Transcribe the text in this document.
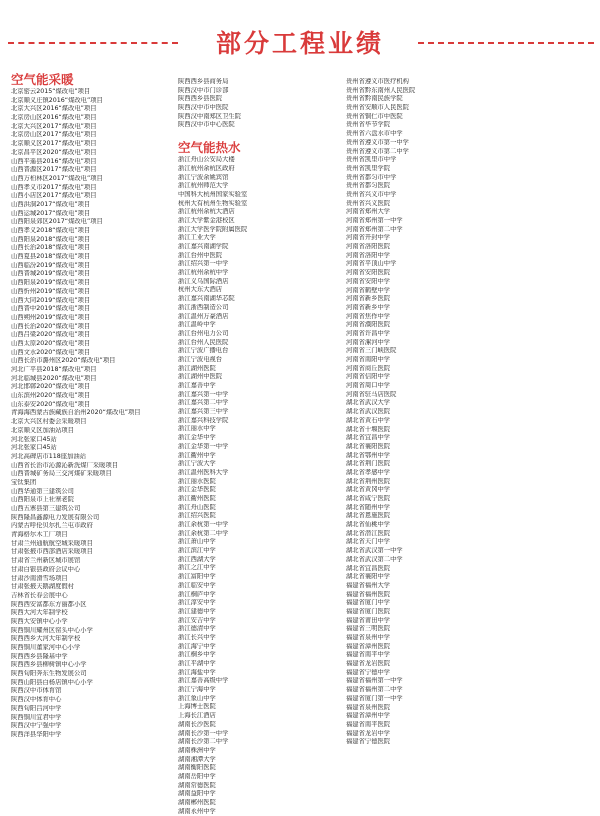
部分工程业绩
空气能采暖
北京密云2015“煤改电”项目
北京顺义庄镇2016“煤改电”项目
北京大兴区2016“煤改电”项目
北京房山区2016“煤改电”项目
北京大兴区2017“煤改电”项目
北京房山区2017“煤改电”项目
北京顺义区2017“煤改电”项目
北京昌平区2020“煤改电”项目
山西平遥县2016“煤改电”项目
山西晋源区2017“煤改电”项目
山西万柏林区2017“煤改电”项目
山西孝义市2017“煤改电”项目
山西小店区2017“煤改电”项目
山西洪洞2017“煤改电”项目
山西运城2017“煤改电”项目
山西阳泉郊区2017“煤改电”项目
山西孝义2018“煤改电”项目
山西阳泉2018“煤改电”项目
山西长治2018“煤改电”项目
山西夏县2018“煤改电”项目
山西临汾2019“煤改电”项目
山西晋城2019“煤改电”项目
山西阳泉2019“煤改电”项目
山西忻州2019“煤改电”项目
山西大同2019“煤改电”项目
山西晋中2019“煤改电”项目
山西朔州2019“煤改电”项目
山西长治2020“煤改电”项目
山西吕梁2020“煤改电”项目
山西太原2020“煤改电”项目
山西文水2020“煤改电”项目
山西长治市潞州区2020“煤改电”项目
河北广平县2018“煤改电”项目
河北临城县2020“煤改电”项目
河北邯郸2020“煤改电”项目
山东滨州2020“煤改电”项目
山东泰安2020“煤改电”项目
青海海西蒙古族藏族自治州2020“煤改电”项目
北京大兴区村委会采暖项目
北京顺义区加油站项目
河北张家口45站
河北张家口45站
河北高碑店市118座加油站
山西省长治市沁源沁新洗煤厂采暖项目
山西晋城矿务局三交河煤矿采暖项目
宝钛集团
山西华通第三建筑公司
山西阳泉市上社寨老院
山西五寨县第三建筑公司
陕西隆昌鑫源电力发展有限公司
内蒙古呼伦贝尔扎兰屯市政府
青海格尔木工厂项目
甘肃兰州通航航空城采暖项目
甘肃张掖市西部酒店采暖项目
甘肃省兰州新区城市展馆
甘肃白银县政府会议中心
甘肃沙南滑雪场项目
甘肃张掖天鹅湖度假村
吉林省长春会展中心
陕西西安富都东方丽都小区
陕西大河大年制学校
陕西大安镇中心小学
陕西铜川耀州区窑头中心小学
陕西西乡大河大年制学校
陕西铜川董家河中心小学
陕西西乡县隆基中学
陕西西乡县柳树镇中心小学
陕西旬阳奔东生物发展公司
陕西山阳县白杨店镇中心小学
陕西汉中市体育馆
陕西汉中体育中心
陕西旬阳吕河中学
陕西铜川宜君中学
陕西汉中宁强中学
陕西洋县华阳中学
陕西西乡县商务局
陕西汉中市门诊部
陕西西乡县医院
陕西汉中市中医院
陕西汉中南郑区卫生院
陕西汉中市中心医院
空气能热水
浙江舟山公安局大楼
浙江杭州余杭区政府
浙江宁波余姚宾馆
浙江杭州师范大学
中国科大杭州国家实验室
杭州大有杭州生物实验室
浙江杭州余杭大酒店
浙江大学紫金港校区
浙江大学医学院附属医院
浙江工业大学
浙江嘉兴南湖学院
浙江台州中医院
浙江绍兴第一中学
浙江杭州余杭中学
浙江义乌国际酒店
杭州大东大酒店
浙江嘉兴南湖华芯院
浙江浙西制造公司
浙江温州万豪酒店
浙江温岭中学
浙江台州电力公司
浙江台州人民医院
浙江宁波广播电台
浙江宁波电视台
浙江湖州医院
浙江湖州中医院
浙江嘉善中学
浙江嘉兴第一中学
浙江嘉兴第二中学
浙江嘉兴第三中学
浙江嘉兴科技学院
浙江丽水中学
浙江金华中学
浙江金华第一中学
浙江衢州中学
浙江宁波大学
浙江温州医科大学
浙江丽水医院
浙江金华医院
浙江衢州医院
浙江舟山医院
浙江绍兴医院
浙江余杭第一中学
浙江余杭第二中学
浙江萧山中学
浙江滨江中学
浙江西湖大学
浙江之江中学
浙江富阳中学
浙江临安中学
浙江桐庐中学
浙江淳安中学
浙江建德中学
浙江安吉中学
浙江德清中学
浙江长兴中学
浙江海宁中学
浙江桐乡中学
浙江平湖中学
浙江海盐中学
浙江嘉善高级中学
浙江宁海中学
浙江象山中学
上海博士医院
上海长江酒店
湖南长沙医院
湖南长沙第一中学
湖南长沙第二中学
湖南株洲中学
湖南湘潭大学
湖南衡阳医院
湖南岳阳中学
湖南常德医院
湖南益阳中学
湖南郴州医院
湖南永州中学
贵州省遵义市医疗机构
贵州省黔东南州人民医院
贵州省黔南民族学院
贵州省安顺市人民医院
贵州省铜仁市中医院
贵州省毕节学院
贵州省六盘水市中学
贵州省遵义市第一中学
贵州省遵义市第二中学
贵州省凯里市中学
贵州省凯里学院
贵州省都匀市中学
贵州省都匀医院
贵州省兴义市中学
贵州省兴义医院
河南省郑州大学
河南省郑州第一中学
河南省郑州第二中学
河南省开封中学
河南省洛阳医院
河南省洛阳中学
河南省平顶山中学
河南省安阳医院
河南省安阳中学
河南省鹤壁中学
河南省新乡医院
河南省新乡中学
河南省焦作中学
河南省濮阳医院
河南省许昌中学
河南省漯河中学
河南省三门峡医院
河南省南阳中学
河南省商丘医院
河南省信阳中学
河南省周口中学
河南省驻马店医院
湖北省武汉大学
湖北省武汉医院
湖北省黄石中学
湖北省十堰医院
湖北省宜昌中学
湖北省襄阳医院
湖北省鄂州中学
湖北省荆门医院
湖北省孝感中学
湖北省荆州医院
湖北省黄冈中学
湖北省咸宁医院
湖北省随州中学
湖北省恩施医院
湖北省仙桃中学
湖北省潜江医院
湖北省天门中学
湖北省武汉第一中学
湖北省武汉第二中学
湖北省宜昌医院
湖北省襄阳中学
福建省福州大学
福建省福州医院
福建省厦门中学
福建省厦门医院
福建省莆田中学
福建省三明医院
福建省泉州中学
福建省漳州医院
福建省南平中学
福建省龙岩医院
福建省宁德中学
福建省福州第一中学
福建省福州第二中学
福建省厦门第一中学
福建省泉州医院
福建省漳州中学
福建省南平医院
福建省龙岩中学
福建省宁德医院
